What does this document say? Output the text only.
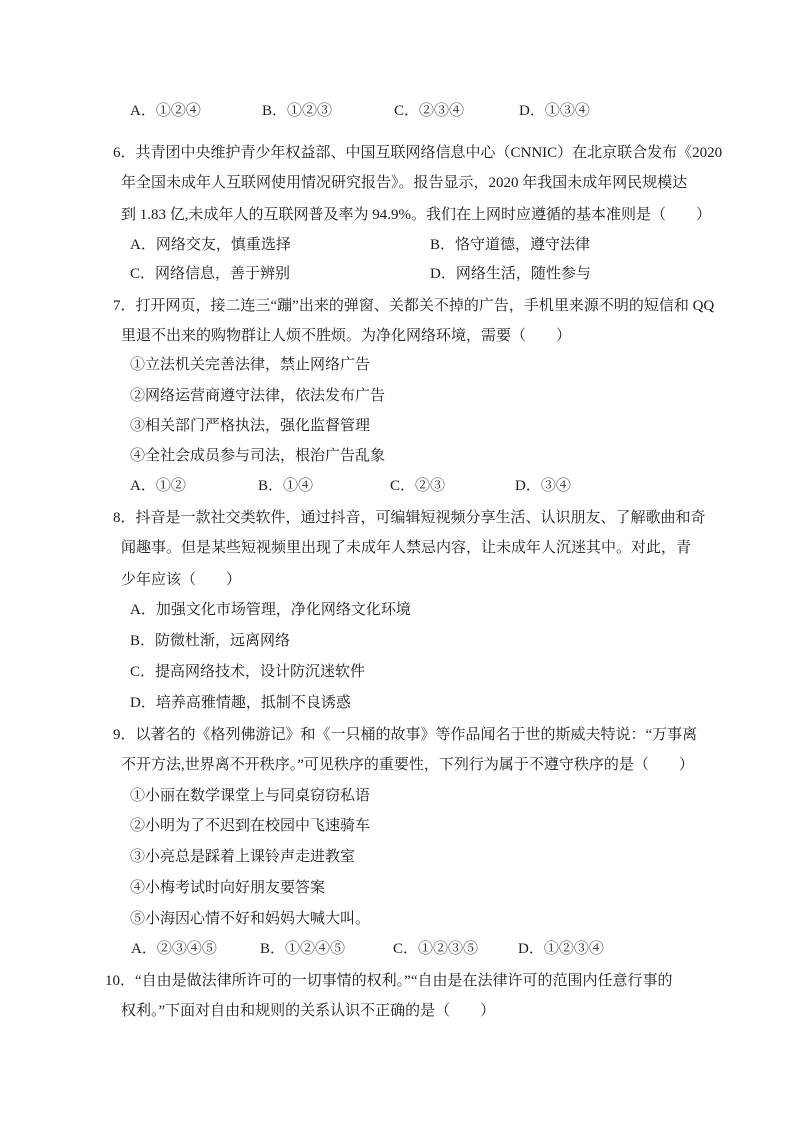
A．①②④	B．①②③	C．②③④	D．①③④
6．共青团中央维护青少年权益部、中国互联网络信息中心（CNNIC）在北京联合发布《2020
年全国未成年人互联网使用情况研究报告》。报告显示，2020 年我国未成年网民规模达
到 1.83 亿,未成年人的互联网普及率为 94.9%。我们在上网时应遵循的基本准则是（　　）
A．网络交友，慎重选择	B．恪守道德，遵守法律
C．网络信息，善于辨别	D．网络生活，随性参与
7．打开网页，接二连三“蹦”出来的弹窗、关都关不掉的广告，手机里来源不明的短信和 QQ
里退不出来的购物群让人烦不胜烦。为净化网络环境，需要（　　）
①立法机关完善法律，禁止网络广告
②网络运营商遵守法律，依法发布广告
③相关部门严格执法，强化监督管理
④全社会成员参与司法，根治广告乱象
A．①②	B．①④	C．②③	D．③④
8．抖音是一款社交类软件，通过抖音，可编辑短视频分享生活、认识朋友、了解歌曲和奇
闻趣事。但是某些短视频里出现了未成年人禁忌内容，让未成年人沉迷其中。对此，青
少年应该（　　）
A．加强文化市场管理，净化网络文化环境
B．防微杜渐，远离网络
C．提高网络技术，设计防沉迷软件
D．培养高雅情趣，抵制不良诱惑
9．以著名的《格列佛游记》和《一只桶的故事》等作品闻名于世的斯威夫特说：“万事离
不开方法,世界离不开秩序。”可见秩序的重要性，下列行为属于不遵守秩序的是（　　）
①小丽在数学课堂上与同桌窃窃私语
②小明为了不迟到在校园中飞速骑车
③小亮总是踩着上课铃声走进教室
④小梅考试时向好朋友要答案
⑤小海因心情不好和妈妈大喊大叫。
A．②③④⑤	B．①②④⑤	C．①②③⑤	D．①②③④
10．“自由是做法律所许可的一切事情的权利。”“自由是在法律许可的范围内任意行事的
权利。”下面对自由和规则的关系认识不正确的是（　　）
